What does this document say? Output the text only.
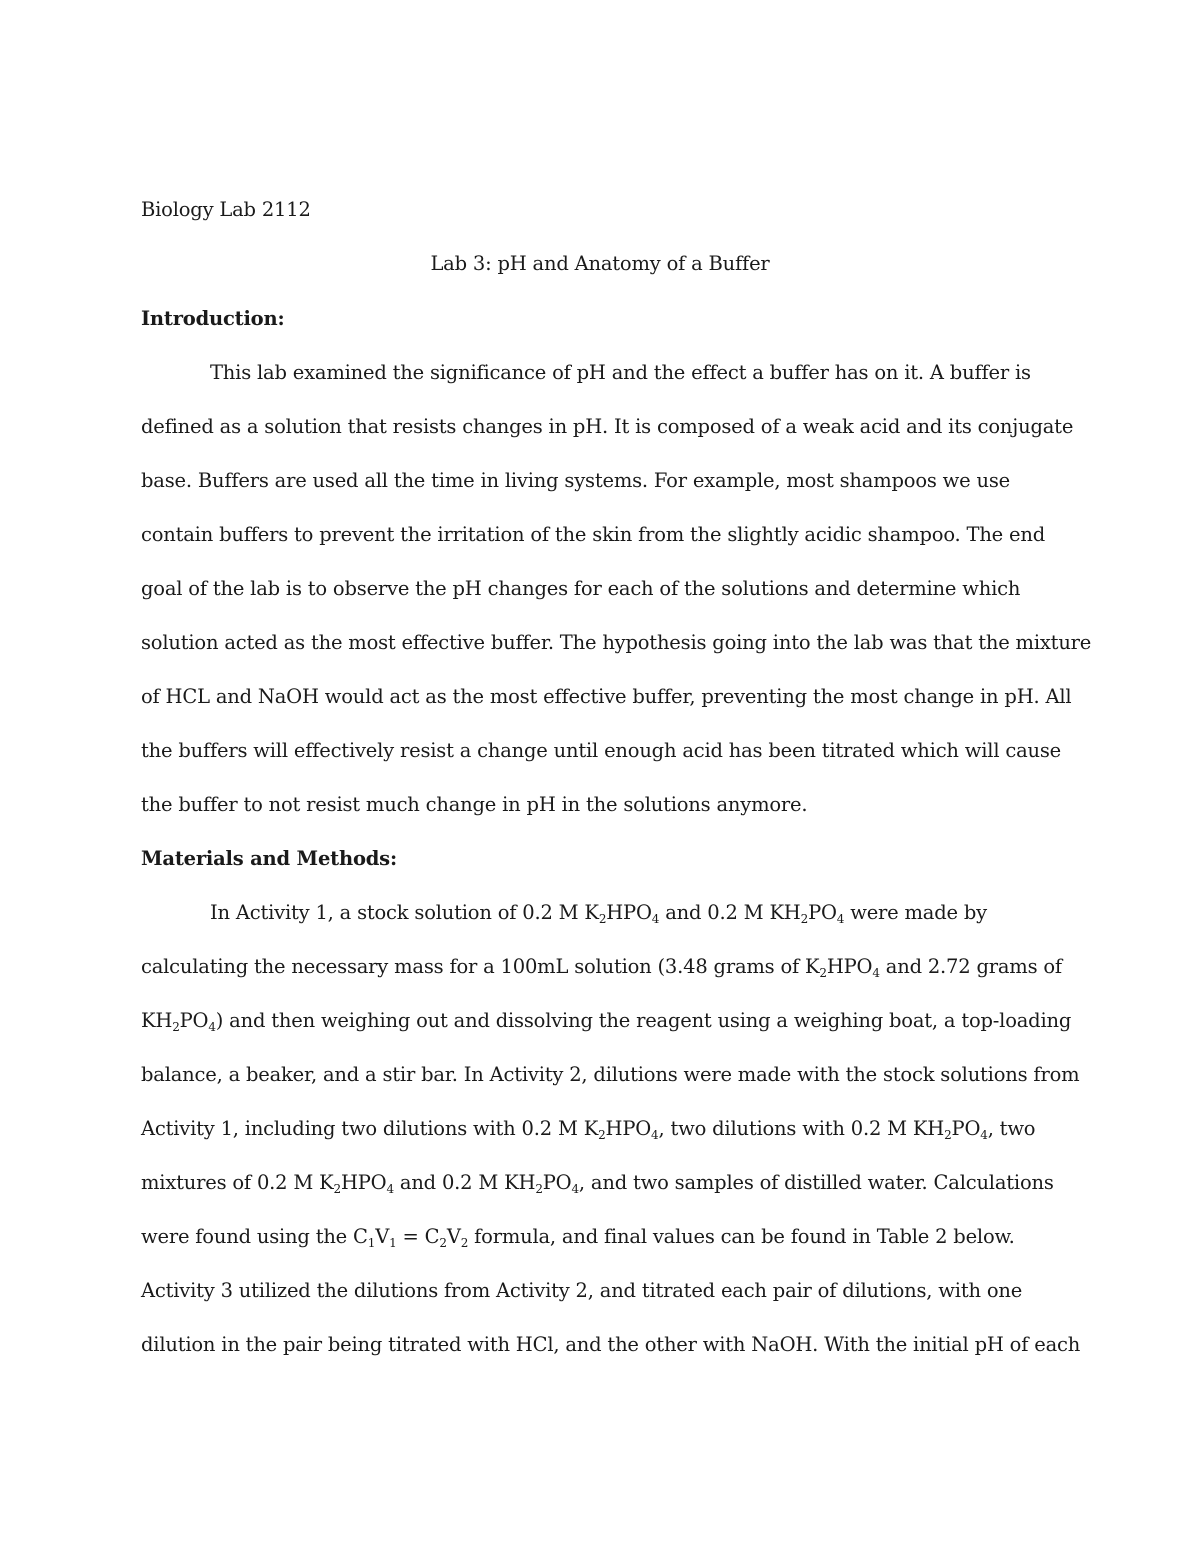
Biology Lab 2112
Lab 3: pH and Anatomy of a Buffer
Introduction:
This lab examined the significance of pH and the effect a buffer has on it. A buffer is
defined as a solution that resists changes in pH. It is composed of a weak acid and its conjugate
base. Buffers are used all the time in living systems. For example, most shampoos we use
contain buffers to prevent the irritation of the skin from the slightly acidic shampoo. The end
goal of the lab is to observe the pH changes for each of the solutions and determine which
solution acted as the most effective buffer. The hypothesis going into the lab was that the mixture
of HCL and NaOH would act as the most effective buffer, preventing the most change in pH. All
the buffers will effectively resist a change until enough acid has been titrated which will cause
the buffer to not resist much change in pH in the solutions anymore.
Materials and Methods:
In Activity 1, a stock solution of 0.2 M $K_2HPO_4$ and 0.2 M $KH_2PO_4$ were made by
calculating the necessary mass for a 100mL solution (3.48 grams of $K_2HPO_4$ and 2.72 grams of
$KH_2PO_4$) and then weighing out and dissolving the reagent using a weighing boat, a top-loading
balance, a beaker, and a stir bar. In Activity 2, dilutions were made with the stock solutions from
Activity 1, including two dilutions with 0.2 M $K_2HPO_4$, two dilutions with 0.2 M $KH_2PO_4$, two
mixtures of 0.2 M $K_2HPO_4$ and 0.2 M $KH_2PO_4$, and two samples of distilled water. Calculations
were found using the $C_1V_1 = C_2V_2$ formula, and final values can be found in Table 2 below.
Activity 3 utilized the dilutions from Activity 2, and titrated each pair of dilutions, with one
dilution in the pair being titrated with HCl, and the other with NaOH. With the initial pH of each
